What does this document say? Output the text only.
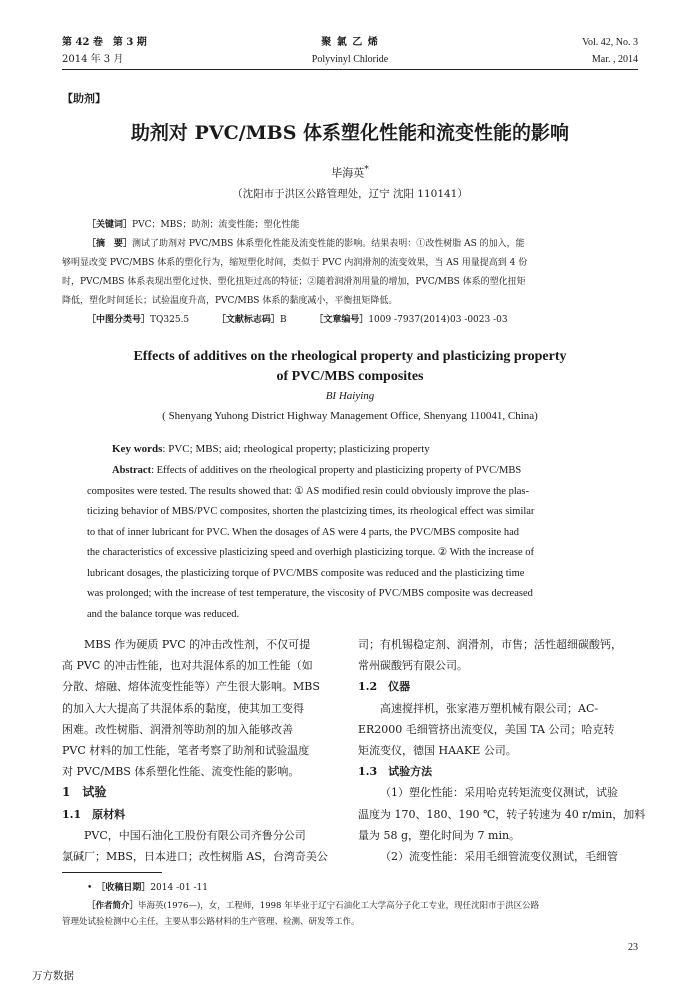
第 42 卷　第 3 期
2014 年 3 月
聚 氯 乙 烯
Polyvinyl Chloride
Vol. 42, No. 3
Mar. , 2014
【助剂】
助剂对 PVC/MBS 体系塑化性能和流变性能的影响
毕海英*
（沈阳市于洪区公路管理处，辽宁 沈阳 110141）
［关键词］PVC；MBS；助剂；流变性能；塑化性能
［摘　要］测试了助剂对 PVC/MBS 体系塑化性能及流变性能的影响。结果表明：①改性树脂 AS 的加入，能
够明显改变 PVC/MBS 体系的塑化行为，缩短塑化时间，类似于 PVC 内润滑剂的流变效果，当 AS 用量提高到 4 份
时，PVC/MBS 体系表现出塑化过快、塑化扭矩过高的特征；②随着润滑剂用量的增加，PVC/MBS 体系的塑化扭矩
降低，塑化时间延长；试验温度升高，PVC/MBS 体系的黏度减小，平衡扭矩降低。
［中图分类号］TQ325.5	［文献标志码］B	［文章编号］1009 -7937(2014)03 -0023 -03
Effects of additives on the rheological property and plasticizing property
of PVC/MBS composites
BI Haiying
( Shenyang Yuhong District Highway Management Office, Shenyang 110041, China)
Key words: PVC; MBS; aid; rheological property; plasticizing property
Abstract: Effects of additives on the rheological property and plasticizing property of PVC/MBS
composites were tested. The results showed that: ① AS modified resin could obviously improve the plas-
ticizing behavior of MBS/PVC composites, shorten the plastcizing times, its rheological effect was similar
to that of inner lubricant for PVC. When the dosages of AS were 4 parts, the PVC/MBS composite had
the characteristics of excessive plasticizing speed and overhigh plasticizing torque. ② With the increase of
lubricant dosages, the plasticizing torque of PVC/MBS composite was reduced and the plasticizing time
was prolonged; with the increase of test temperature, the viscosity of PVC/MBS composite was decreased
and the balance torque was reduced.

MBS 作为硬质 PVC 的冲击改性剂，不仅可提

高 PVC 的冲击性能，也对共混体系的加工性能（如

分散、熔融、熔体流变性能等）产生很大影响。MBS

的加入大大提高了共混体系的黏度，使其加工变得

困难。改性树脂、润滑剂等助剂的加入能够改善

PVC 材料的加工性能，笔者考察了助剂和试验温度

对 PVC/MBS 体系塑化性能、流变性能的影响。

1　试验

1.1　原材料

PVC，中国石油化工股份有限公司齐鲁分公司

氯碱厂；MBS，日本进口；改性树脂 AS，台湾奇美公

司；有机锡稳定剂、润滑剂，市售；活性超细碳酸钙，

常州碳酸钙有限公司。

1.2　仪器

高速搅拌机，张家港万塑机械有限公司；AC-

ER2000 毛细管挤出流变仪，美国 TA 公司；哈克转

矩流变仪，德国 HAAKE 公司。

1.3　试验方法

（1）塑化性能：采用哈克转矩流变仪测试，试验

温度为 170、180、190 ℃，转子转速为 40 r/min，加料

量为 58 g，塑化时间为 7 min。

（2）流变性能：采用毛细管流变仪测试，毛细管

• ［收稿日期］2014 -01 -11
［作者简介］毕海英(1976—)，女，工程师，1998 年毕业于辽宁石油化工大学高分子化工专业，现任沈阳市于洪区公路
管理处试验检测中心主任，主要从事公路材料的生产管理、检测、研发等工作。
23
万方数据
